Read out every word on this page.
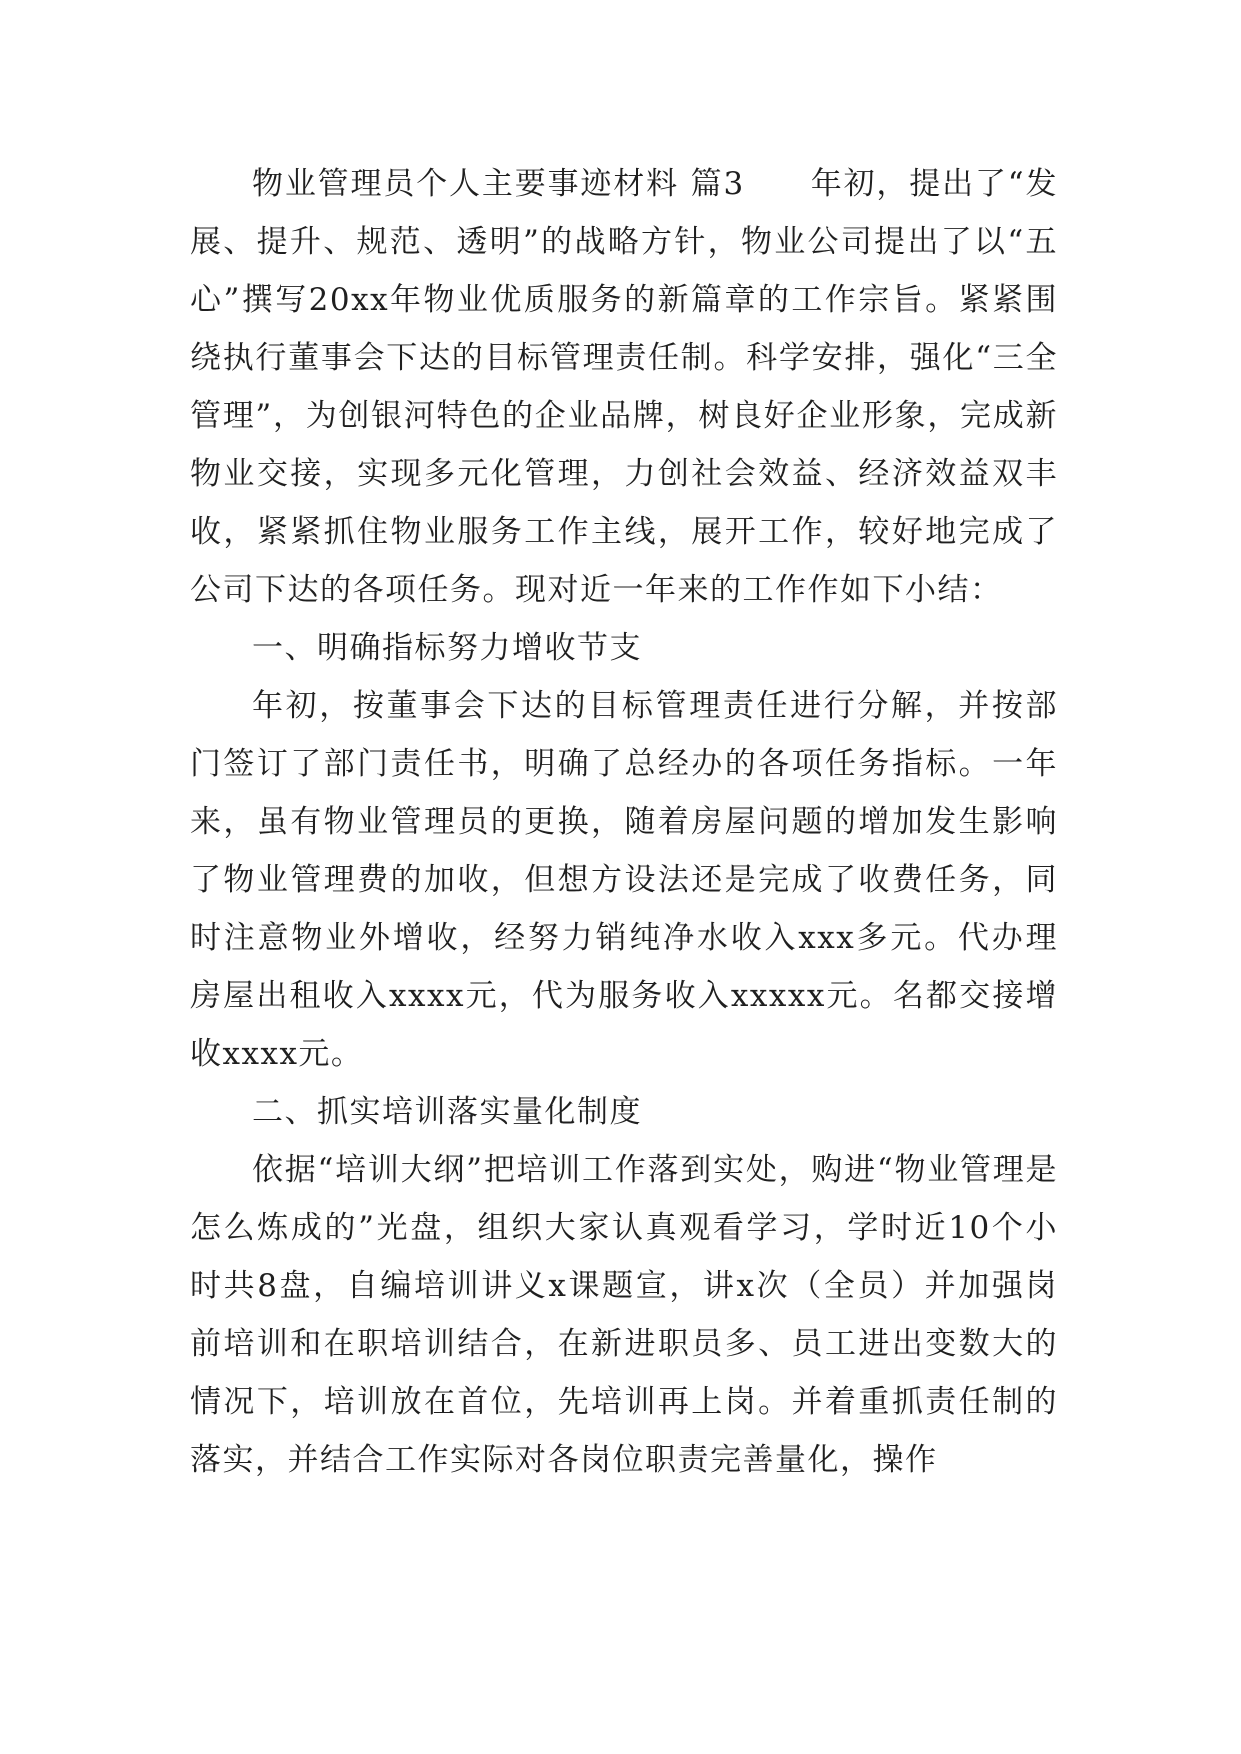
物业管理员个人主要事迹材料 篇3　　年初，提出了“发展、提升、规范、透明”的战略方针，物业公司提出了以“五心”撰写20xx年物业优质服务的新篇章的工作宗旨。紧紧围绕执行董事会下达的目标管理责任制。科学安排，强化“三全管理”，为创银河特色的企业品牌，树良好企业形象，完成新物业交接，实现多元化管理，力创社会效益、经济效益双丰收，紧紧抓住物业服务工作主线，展开工作，较好地完成了公司下达的各项任务。现对近一年来的工作作如下小结：

一、明确指标努力增收节支

年初，按董事会下达的目标管理责任进行分解，并按部门签订了部门责任书，明确了总经办的各项任务指标。一年来，虽有物业管理员的更换，随着房屋问题的增加发生影响了物业管理费的加收，但想方设法还是完成了收费任务，同时注意物业外增收，经努力销纯净水收入xxx多元。代办理房屋出租收入xxxx元，代为服务收入xxxxx元。名都交接增收xxxx元。

二、抓实培训落实量化制度

依据“培训大纲”把培训工作落到实处，购进“物业管理是怎么炼成的”光盘，组织大家认真观看学习，学时近10个小时共8盘，自编培训讲义x课题宣，讲x次（全员）并加强岗前培训和在职培训结合，在新进职员多、员工进出变数大的情况下，培训放在首位，先培训再上岗。并着重抓责任制的落实，并结合工作实际对各岗位职责完善量化，操作
